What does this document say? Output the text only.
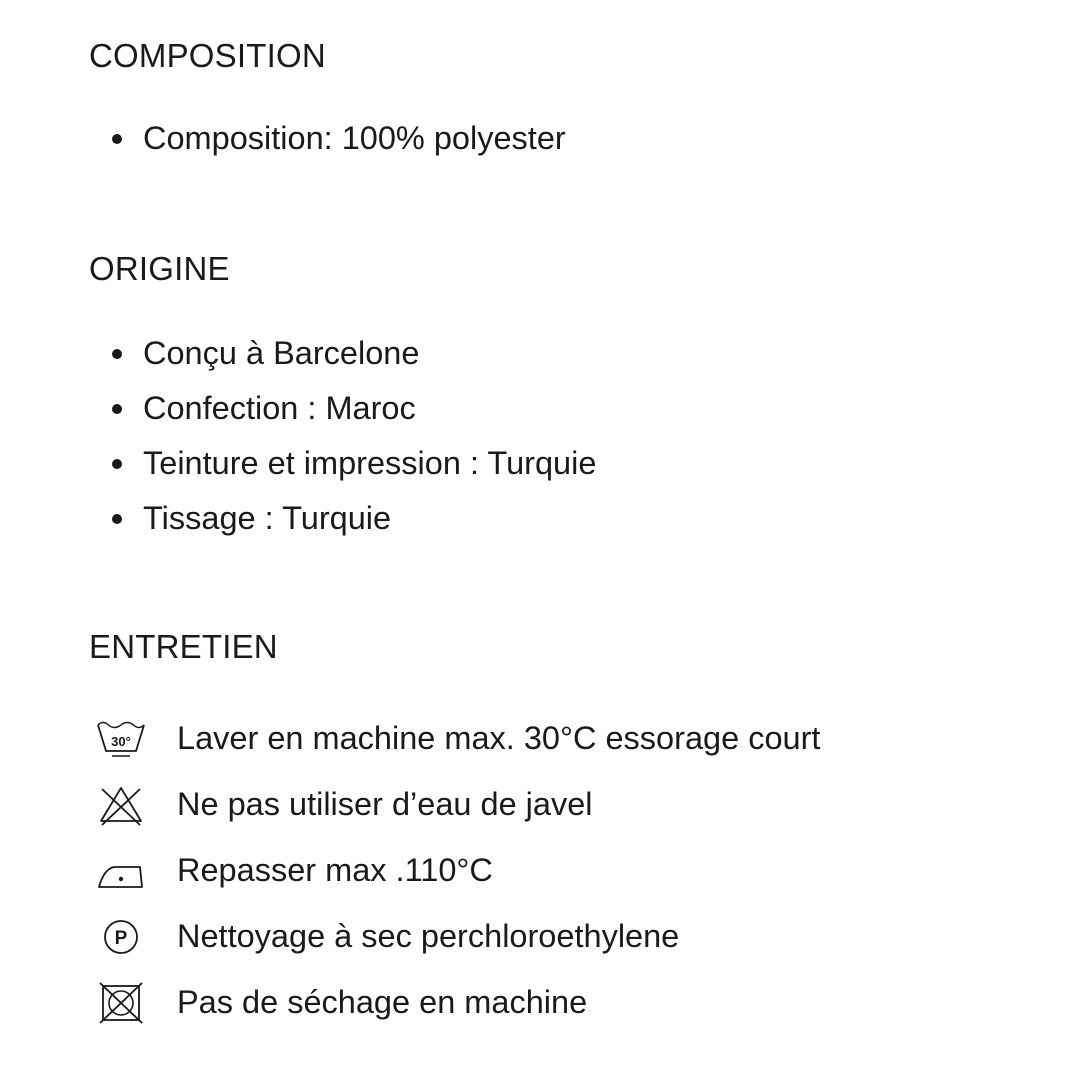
COMPOSITION
Composition: 100% polyester
ORIGINE
Conçu à Barcelone
Confection : Maroc
Teinture et impression : Turquie
Tissage : Turquie
ENTRETIEN
30° Laver en machine max. 30°C essorage court
Ne pas utiliser d’eau de javel
Repasser max .110°C
P Nettoyage à sec perchloroethylene
Pas de séchage en machine
